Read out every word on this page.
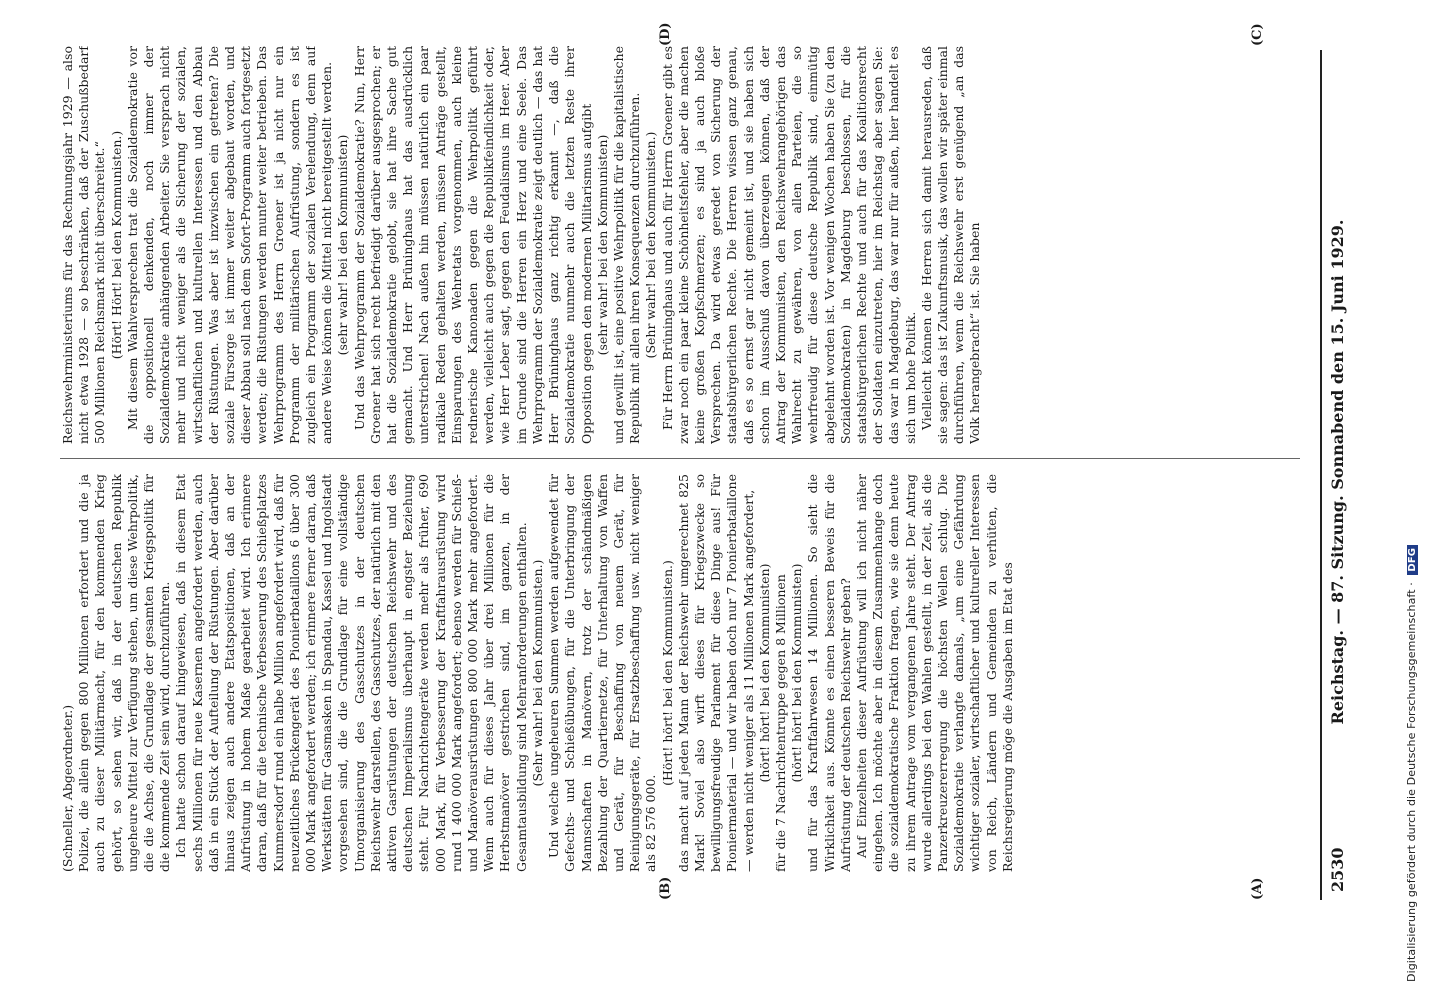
Digitalisierung gefördert durch die Deutsche Forschungsgemeinschaft · DFG
2530
Reichstag. — 87. Sitzung. Sonnabend den 15. Juni 1929.
(A)
(B)
(C)
(D)

(Schneller, Abgeordneter.) Polizei, die allein gegen 800 Millionen erfordert und die ja auch zu dieser Militärmacht, für den kommenden Krieg gehört, so sehen wir, daß in der deutschen Republik ungeheure Mittel zur Verfügung stehen, um diese Wehrpolitik, die die Achse, die Grundlage der gesamten Kriegspolitik für die kommende Zeit sein wird, durchzuführen. Ich hatte schon darauf hingewiesen, daß in diesem Etat sechs Millionen für neue Kasernen angefordert werden, auch daß in ein Stück der Aufteilung der Rüstungen. Aber darüber hinaus zeigen auch andere Etatspositionen, daß an der Aufrüstung in hohem Maße gearbeitet wird. Ich erinnere daran, daß für die technische Verbesserung des Schießplatzes Kummersdorf rund ein halbe Million angefordert wird, daß für neuzeitliches Brückengerät des Pionierbataillons 6 über 300 000 Mark angefordert werden; ich erinnere ferner daran, daß Werkstätten für Gasmasken in Spandau, Kassel und Ingolstadt vorgesehen sind, die die Grundlage für eine vollständige Umorganisierung des Gasschutzes in der deutschen Reichswehr darstellen, des Gasschutzes, der natürlich mit den aktiven Gasrüstungen der deutschen Reichswehr und des deutschen Imperialismus überhaupt in engster Beziehung steht. Für Nachrichtengeräte werden mehr als früher, 690 000 Mark, für Verbesserung der Kraftfahrausrüstung wird rund 1 400 000 Mark angefordert; ebenso werden für Schieß- und Manöverausrüstungen 800 000 Mark mehr angefordert. Wenn auch für dieses Jahr über drei Millionen für die Herbstmanöver gestrichen sind, im ganzen, in der Gesamtausbildung sind Mehranforderungen enthalten. (Sehr wahr! bei den Kommunisten.) Und welche ungeheuren Summen werden aufgewendet für Gefechts- und Schießübungen, für die Unterbringung der Mannschaften in Manövern, trotz der schändmäßigen Bezahlung der Quartiernetze, für Unterhaltung von Waffen und Gerät, für Beschaffung von neuem Gerät, für Reinigungsgeräte, für Ersatzbeschaffung usw. nicht weniger als 82 576 000.

(Hört! hört! bei den Kommunisten.) das macht auf jeden Mann der Reichswehr umgerechnet 825 Mark! Soviel also wirft dieses für Kriegszwecke so bewilligungsfreudige Parlament für diese Dinge aus! Für Pioniermaterial — und wir haben doch nur 7 Pionierbataillone — werden nicht weniger als 11 Millionen Mark angefordert, (hört! hört! bei den Kommunisten) für die 7 Nachrichtentruppe gegen 8 Millionen (hört! hört! bei den Kommunisten) und für das Kraftfahrwesen 14 Millionen. So sieht die Wirklichkeit aus. Könnte es einen besseren Beweis für die Aufrüstung der deutschen Reichswehr geben? Auf Einzelheiten dieser Aufrüstung will ich nicht näher eingehen. Ich möchte aber in diesem Zusammenhange doch die sozialdemokratische Fraktion fragen, wie sie denn heute zu ihrem Antrage vom vergangenen Jahre steht. Der Antrag wurde allerdings bei den Wahlen gestellt, in der Zeit, als die Panzerkreuzererregung die höchsten Wellen schlug. Die Sozialdemokratie verlangte damals, „um eine Gefährdung wichtiger sozialer, wirtschaftlicher und kultureller Interessen von Reich, Ländern und Gemeinden zu verhüten, die Reichsregierung möge die Ausgaben im Etat des

Reichswehrministeriums für das Rechnungsjahr 1929 — also nicht etwa 1928 — so beschränken, daß der Zuschußbedarf 500 Millionen Reichsmark nicht überschreitet.“ (Hört! Hört! bei den Kommunisten.) Mit diesem Wahlversprechen trat die Sozialdemokratie vor die oppositionell denkenden, noch immer der Sozialdemokratie anhängenden Arbeiter. Sie versprach nicht mehr und nicht weniger als die Sicherung der sozialen, wirtschaftlichen und kulturellen Interessen und den Abbau der Rüstungen. Was aber ist inzwischen ein getreten? Die soziale Fürsorge ist immer weiter abgebaut worden, und dieser Abbau soll nach dem Sofort-Programm auch fortgesetzt werden; die Rüstungen werden munter weiter betrieben. Das Wehrprogramm des Herrn Groener ist ja nicht nur ein Programm der militärischen Aufrüstung, sondern es ist zugleich ein Programm der sozialen Verelendung, denn auf andere Weise können die Mittel nicht bereitgestellt werden. (sehr wahr! bei den Kommunisten) Und das Wehrprogramm der Sozialdemokratie? Nun, Herr Groener hat sich recht befriedigt darüber ausgesprochen; er hat die Sozialdemokratie gelobt, sie hat ihre Sache gut gemacht. Und Herr Brüninghaus hat das ausdrücklich unterstrichen! Nach außen hin müssen natürlich ein paar radikale Reden gehalten werden, müssen Anträge gestellt, Einsparungen des Wehretats vorgenommen, auch kleine rednerische Kanonaden gegen die Wehrpolitik geführt werden, vielleicht auch gegen die Republikfeindlichkeit oder, wie Herr Leber sagt, gegen den Feudalismus im Heer. Aber im Grunde sind die Herren ein Herz und eine Seele. Das Wehrprogramm der Sozialdemokratie zeigt deutlich — das hat Herr Brüninghaus ganz richtig erkannt —, daß die Sozialdemokratie nunmehr auch die letzten Reste ihrer Opposition gegen den modernen Militarismus aufgibt (sehr wahr! bei den Kommunisten) und gewillt ist, eine positive Wehrpolitik für die kapitalistische Republik mit allen ihren Konsequenzen durchzuführen. (Sehr wahr! bei den Kommunisten.) Für Herrn Brüninghaus und auch für Herrn Groener gibt es zwar noch ein paar kleine Schönheitsfehler, aber die machen keine großen Kopfschmerzen; es sind ja auch bloße Versprechen. Da wird etwas geredet von Sicherung der staatsbürgerlichen Rechte. Die Herren wissen ganz genau, daß es so ernst gar nicht gemeint ist, und sie haben sich schon im Ausschuß davon überzeugen können, daß der Antrag der Kommunisten, den Reichswehrangehörigen das Wahlrecht zu gewähren, von allen Parteien, die so wehrfreudig für diese deutsche Republik sind, einmütig abgelehnt worden ist. Vor wenigen Wochen haben Sie (zu den Sozialdemokraten) in Magdeburg beschlossen, für die staatsbürgerlichen Rechte und auch für das Koalitionsrecht der Soldaten einzutreten, hier im Reichstag aber sagen Sie: das war in Magdeburg, das war nur für außen, hier handelt es sich um hohe Politik. Vielleicht können die Herren sich damit herausreden, daß sie sagen: das ist Zukunftsmusik, das wollen wir später einmal durchführen, wenn die Reichswehr erst genügend „an das Volk herangebracht“ ist. Sie haben
